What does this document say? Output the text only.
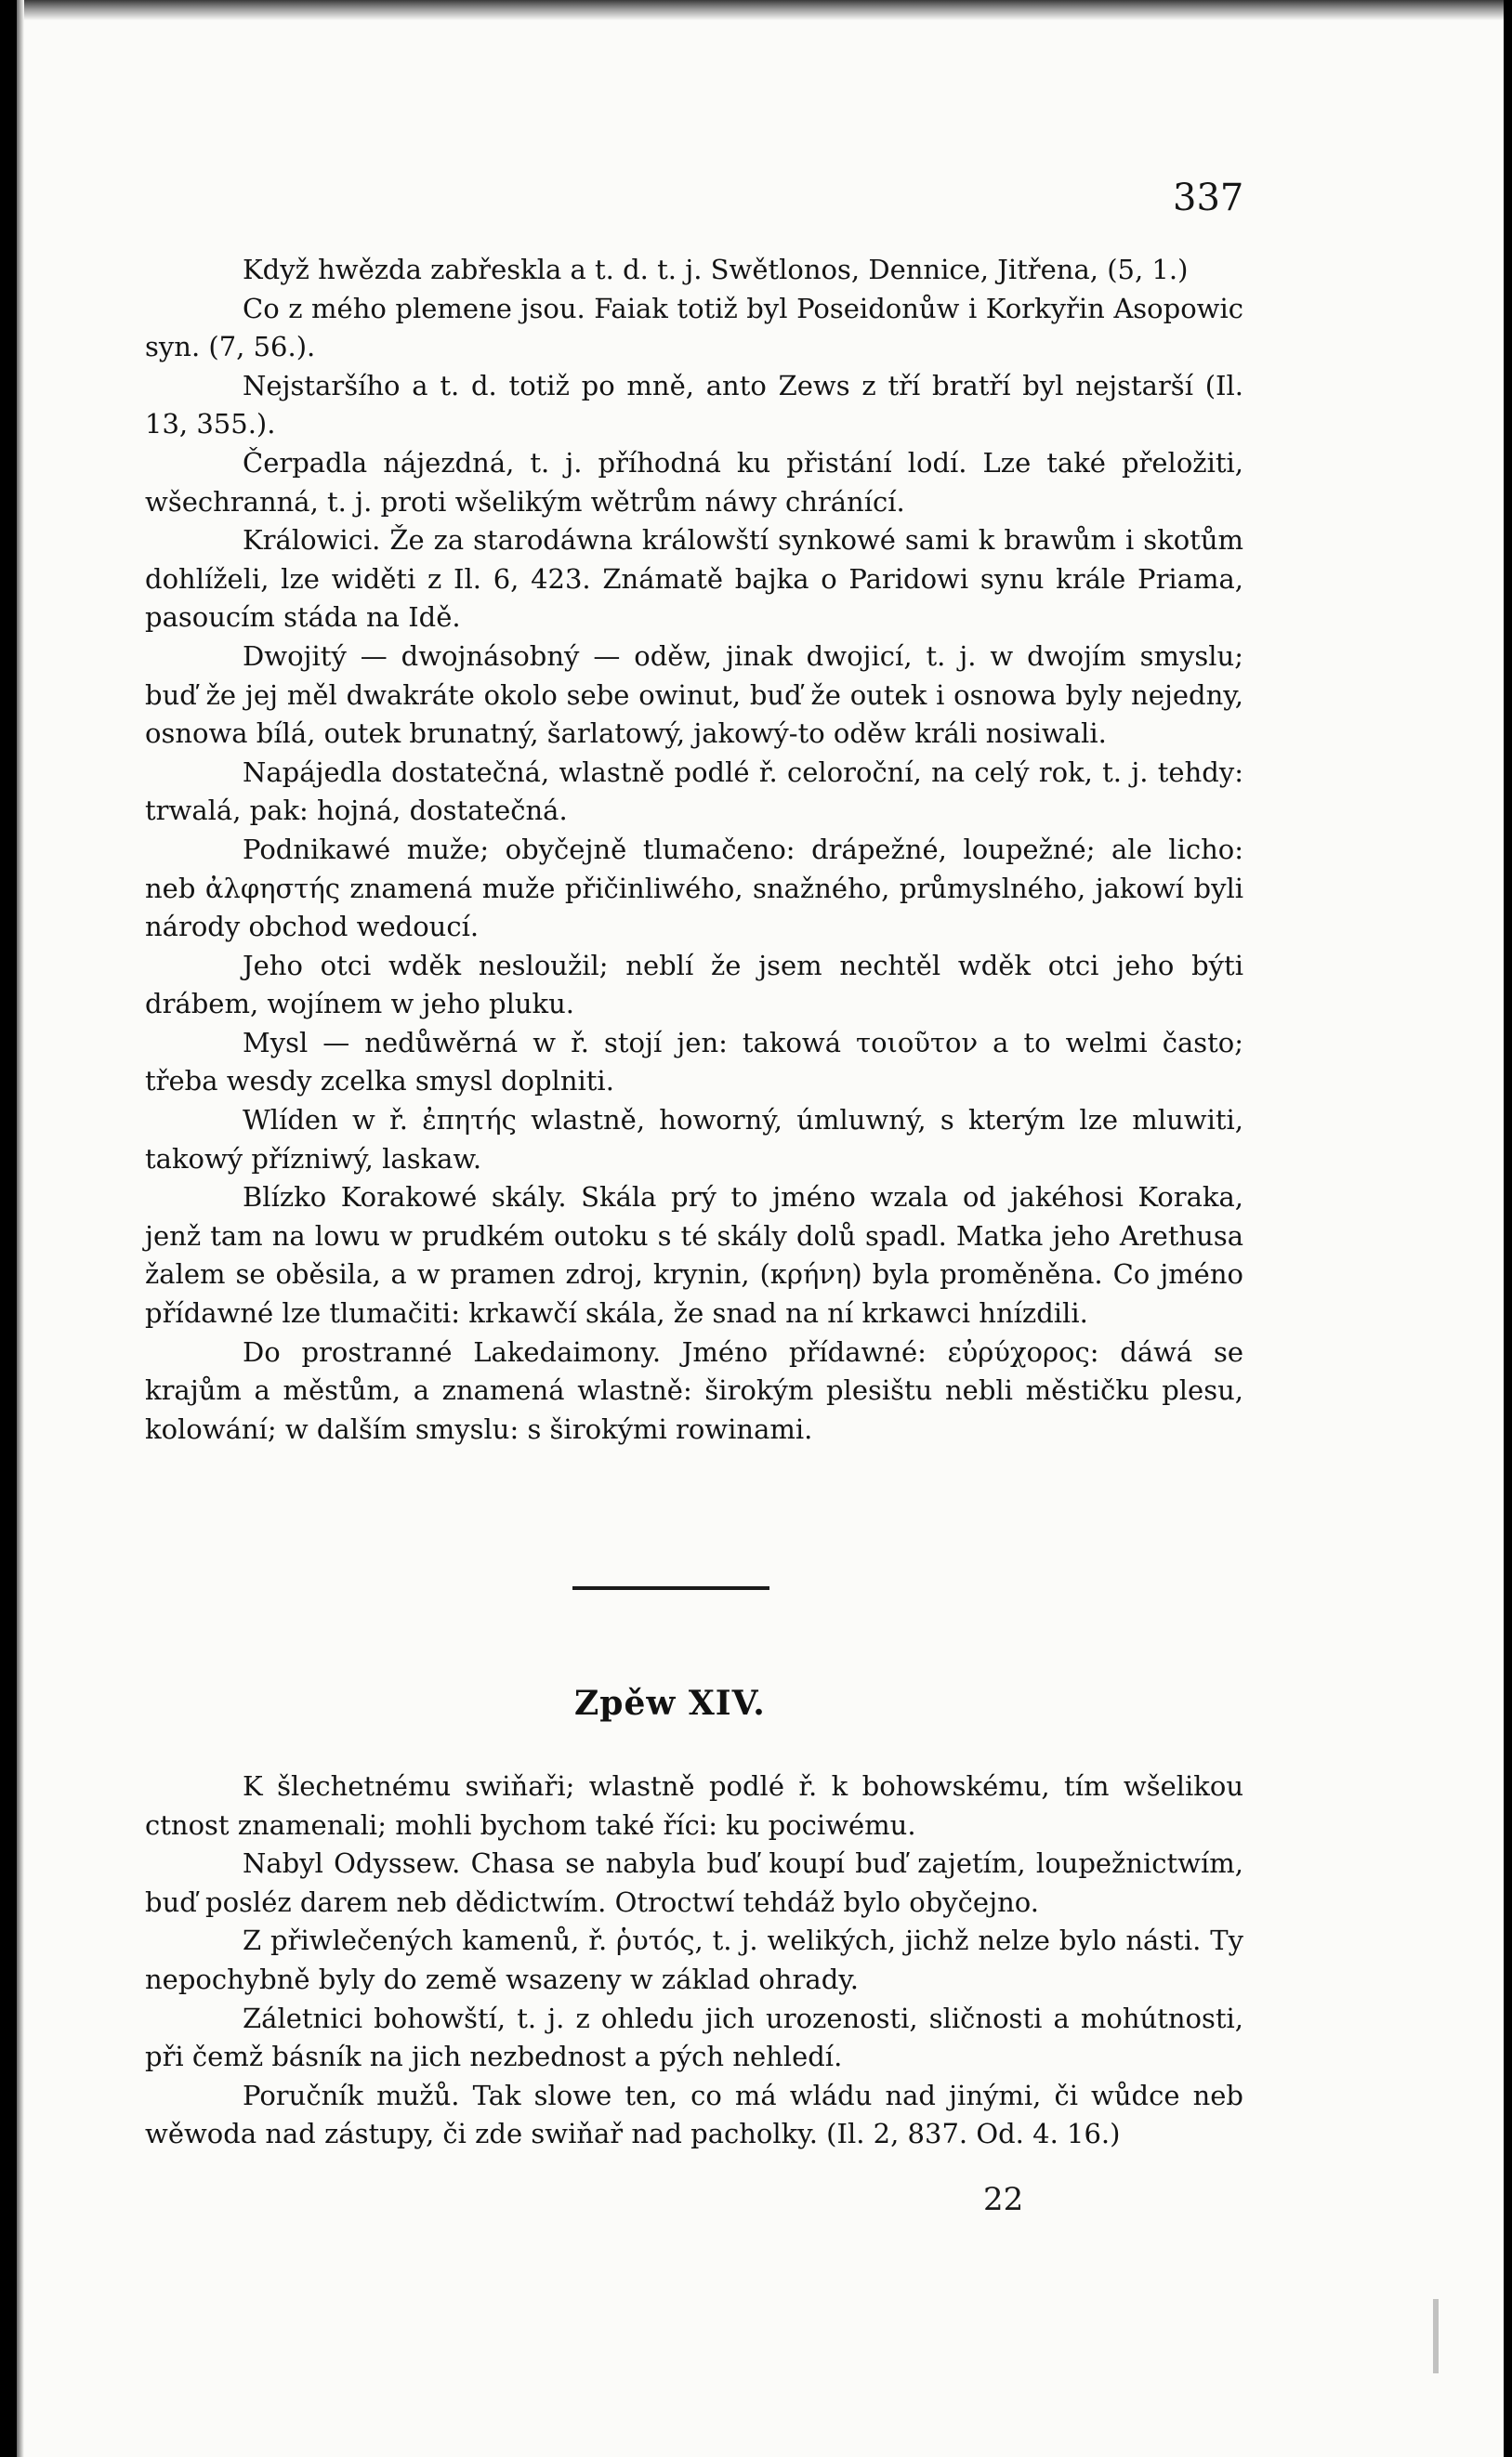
337

Když hwězda zabřeskla a t. d. t. j. Swětlonos, Dennice, Jitřena, (5, 1.)

Co z mého plemene jsou. Faiak totiž byl Poseidonůw i Korkyřin Asopowic syn. (7, 56.).

Nejstaršího a t. d. totiž po mně, anto Zews z tří bratří byl nejstarší (Il. 13, 355.).

Čerpadla nájezdná, t. j. příhodná ku přistání lodí. Lze také přeložiti, wšechranná, t. j. proti wšelikým wětrům náwy chránící.

Králowici. Že za starodáwna králowští synkowé sami k brawům i skotům dohlíželi, lze widěti z Il. 6, 423. Známatě bajka o Paridowi synu krále Priama, pasoucím stáda na Idě.

Dwojitý — dwojnásobný — oděw, jinak dwojicí, t. j. w dwojím smyslu; buď že jej měl dwakráte okolo sebe owinut, buď že outek i osnowa byly nejedny, osnowa bílá, outek brunatný, šarlatowý, jakowý-to oděw králi nosiwali.

Napájedla dostatečná, wlastně podlé ř. celoroční, na celý rok, t. j. tehdy: trwalá, pak: hojná, dostatečná.

Podnikawé muže; obyčejně tlumačeno: drápežné, loupežné; ale licho: neb ἀλφηστής znamená muže přičinliwého, snažného, průmyslného, jakowí byli národy obchod wedoucí.

Jeho otci wděk nesloužil; neblí že jsem nechtěl wděk otci jeho býti drábem, wojínem w jeho pluku.

Mysl — nedůwěrná w ř. stojí jen: takowá τοιοῦτον a to welmi často; třeba wesdy zcelka smysl doplniti.

Wlíden w ř. ἐπητής wlastně, howorný, úmluwný, s kterým lze mluwiti, takowý přízniwý, laskaw.

Blízko Korakowé skály. Skála prý to jméno wzala od jakéhosi Koraka, jenž tam na lowu w prudkém outoku s té skály dolů spadl. Matka jeho Arethusa žalem se oběsila, a w pramen zdroj, krynin, (κρήνη) byla proměněna. Co jméno přídawné lze tlumačiti: krkawčí skála, že snad na ní krkawci hnízdili.

Do prostranné Lakedaimony. Jméno přídawné: εὐρύχορος: dáwá se krajům a městům, a znamená wlastně: širokým plesištu nebli městičku plesu, kolowání; w dalším smyslu: s širokými rowinami.

Zpěw XIV.

K šlechetnému swiňaři; wlastně podlé ř. k bohowskému, tím wšelikou ctnost znamenali; mohli bychom také říci: ku pociwému.

Nabyl Odyssew. Chasa se nabyla buď koupí buď zajetím, loupežnictwím, buď posléz darem neb dědictwím. Otroctwí tehdáž bylo obyčejno.

Z přiwlečených kamenů, ř. ῥυτός, t. j. welikých, jichž nelze bylo násti. Ty nepochybně byly do země wsazeny w základ ohrady.

Záletnici bohowští, t. j. z ohledu jich urozenosti, sličnosti a mohútnosti, při čemž básník na jich nezbednost a pých nehledí.

Poručník mužů. Tak slowe ten, co má wládu nad jinými, či wůdce neb wěwoda nad zástupy, či zde swiňař nad pacholky. (Il. 2, 837. Od. 4. 16.)

22
